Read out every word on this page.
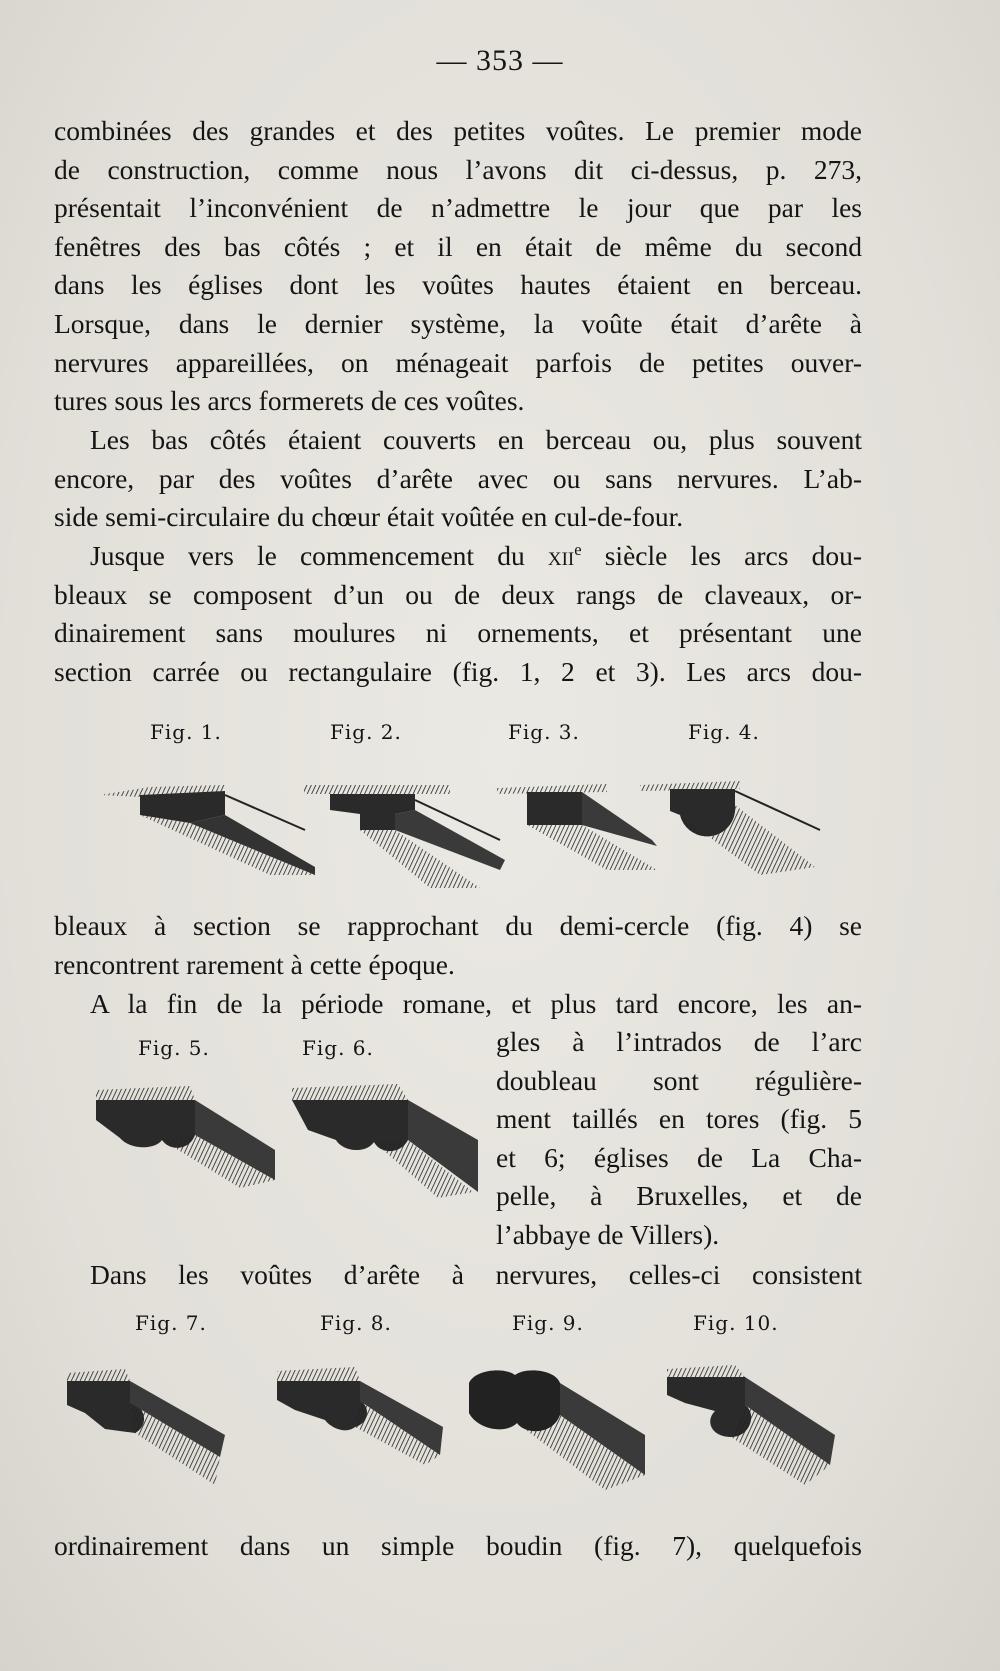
— 353 —
combinées des grandes et des petites voûtes. Le premier mode
de construction, comme nous l’avons dit ci-dessus, p. 273,
présentait l’inconvénient de n’admettre le jour que par les
fenêtres des bas côtés ; et il en était de même du second
dans les églises dont les voûtes hautes étaient en berceau.
Lorsque, dans le dernier système, la voûte était d’arête à
nervures appareillées, on ménageait parfois de petites ouver-
tures sous les arcs formerets de ces voûtes.
Les bas côtés étaient couverts en berceau ou, plus souvent
encore, par des voûtes d’arête avec ou sans nervures. L’ab-
side semi-circulaire du chœur était voûtée en cul-de-four.
Jusque vers le commencement du xii$^e$ siècle les arcs dou-
bleaux se composent d’un ou de deux rangs de claveaux, or-
dinairement sans moulures ni ornements, et présentant une
section carrée ou rectangulaire (fig. 1, 2 et 3). Les arcs dou-
Fig. 1.	Fig. 2.	Fig. 3.	Fig. 4.
bleaux à section se rapprochant du demi-cercle (fig. 4) se
rencontrent rarement à cette époque.
A la fin de la période romane, et plus tard encore, les an-
Fig. 5.	Fig. 6.	gles à l’intrados de l’arc
doubleau sont régulière-
ment taillés en tores (fig. 5
et 6; églises de La Cha-
pelle, à Bruxelles, et de
l’abbaye de Villers).
Dans les voûtes d’arête à nervures, celles-ci consistent
Fig. 7.	Fig. 8.	Fig. 9.	Fig. 10.
ordinairement dans un simple boudin (fig. 7), quelquefois
